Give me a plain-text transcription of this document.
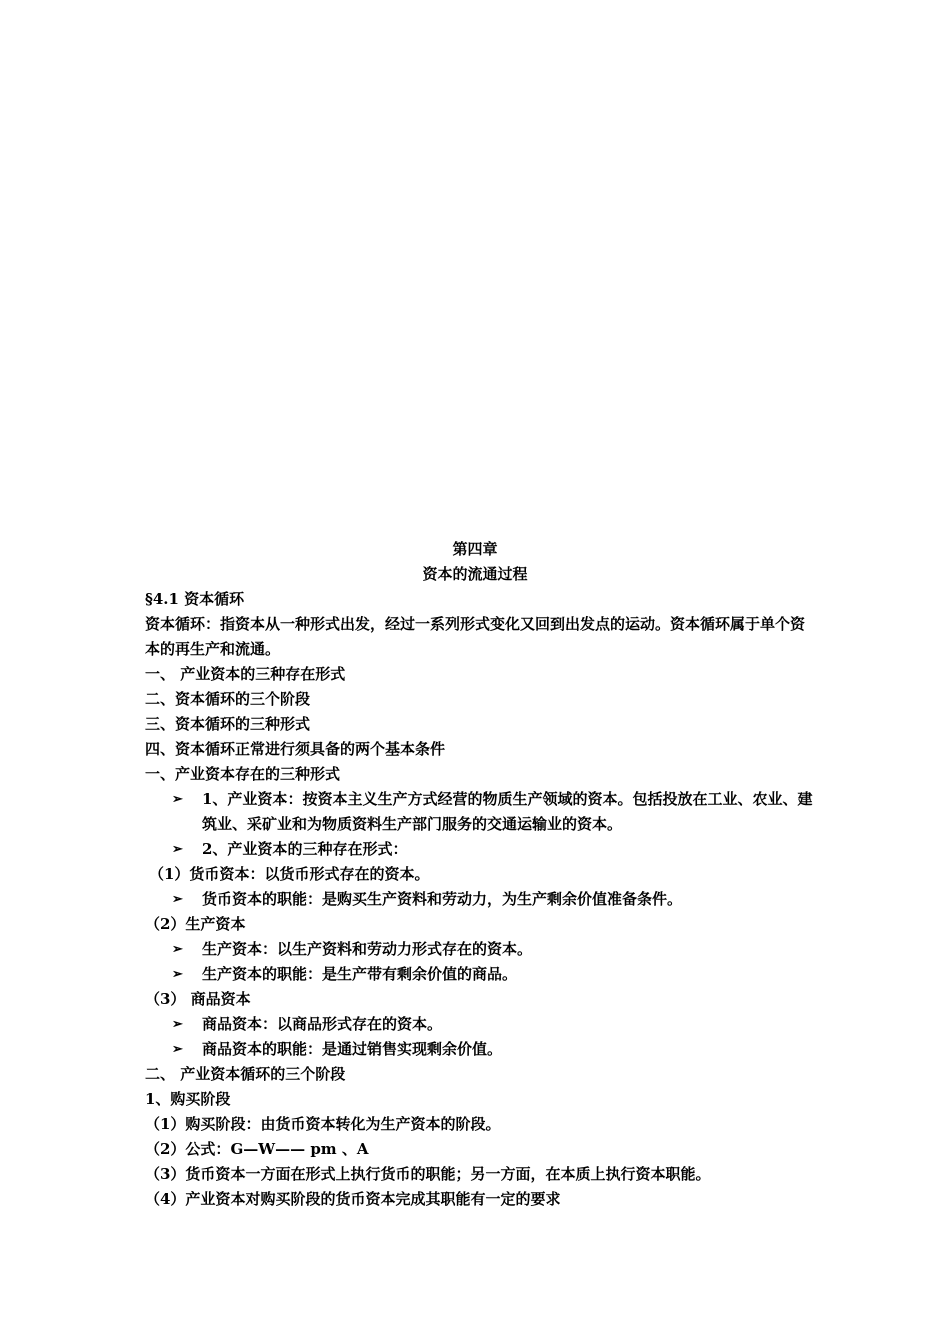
第四章
资本的流通过程
§4.1 资本循环
资本循环：指资本从一种形式出发，经过一系列形式变化又回到出发点的运动。资本循环属于单个资本的再生产和流通。
一、 产业资本的三种存在形式
二、资本循环的三个阶段
三、资本循环的三种形式
四、资本循环正常进行须具备的两个基本条件
一、产业资本存在的三种形式
➢ 1、产业资本：按资本主义生产方式经营的物质生产领域的资本。包括投放在工业、农业、建筑业、采矿业和为物质资料生产部门服务的交通运输业的资本。
➢ 2、产业资本的三种存在形式：
（1）货币资本：以货币形式存在的资本。
➢ 货币资本的职能：是购买生产资料和劳动力，为生产剩余价值准备条件。
（2）生产资本
➢ 生产资本：以生产资料和劳动力形式存在的资本。
➢ 生产资本的职能：是生产带有剩余价值的商品。
（3） 商品资本
➢ 商品资本：以商品形式存在的资本。
➢ 商品资本的职能：是通过销售实现剩余价值。
二、 产业资本循环的三个阶段
1、购买阶段
（1）购买阶段：由货币资本转化为生产资本的阶段。
（2）公式：G—W—— pm 、A
（3）货币资本一方面在形式上执行货币的职能；另一方面，在本质上执行资本职能。
（4）产业资本对购买阶段的货币资本完成其职能有一定的要求
